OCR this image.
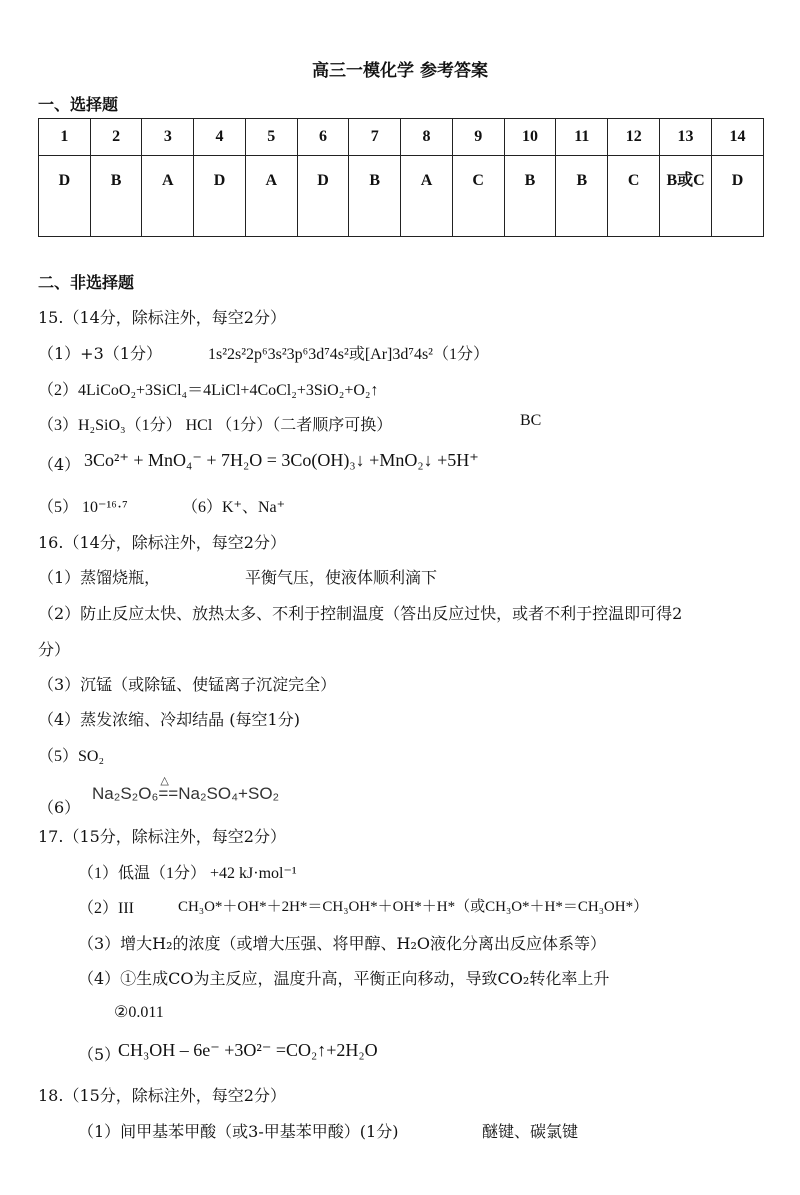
高三一模化学 参考答案
一、选择题
1	2	3	4	5	6	7	8	9	10	11	12	13	14
D	B	A	D	A	D	B	A	C	B	B	C	B或C	D
二、非选择题
15.（14分，除标注外，每空2分）
（1）+3（1分）	1s²2s²2p⁶3s²3p⁶3d⁷4s²或[Ar]3d⁷4s²（1分）
（2）4LiCoO₂+3SiCl₄＝4LiCl+4CoCl₂+3SiO₂+O₂↑
（3）H₂SiO₃（1分） HCl （1分）（二者顺序可换）	BC
（4） 3Co²⁺ + MnO₄⁻ + 7H₂O = 3Co(OH)₃↓ +MnO₂↓ +5H⁺
（5） 10⁻¹⁶·⁷	（6）K⁺、Na⁺
16.（14分，除标注外，每空2分）
（1）蒸馏烧瓶，	平衡气压，使液体顺利滴下
（2）防止反应太快、放热太多、不利于控制温度（答出反应过快，或者不利于控温即可得2
分）
（3）沉锰（或除锰、使锰离子沉淀完全）
（4）蒸发浓缩、冷却结晶 (每空1分)
（5）SO₂
（6）
Na₂S₂O₆
△
==Na₂SO₄+SO₂
17.（15分，除标注外，每空2分）
（1）低温（1分） +42 kJ·mol⁻¹
（2）III	CH₃O*＋OH*＋2H*＝CH₃OH*＋OH*＋H*（或CH₃O*＋H*＝CH₃OH*）
（3）增大H₂的浓度（或增大压强、将甲醇、H₂O液化分离出反应体系等）
（4）①生成CO为主反应，温度升高，平衡正向移动，导致CO₂转化率上升
②0.011
（5）
CH₃OH – 6e⁻ +3O²⁻ =CO₂↑+2H₂O
18.（15分，除标注外，每空2分）
（1）间甲基苯甲酸（或3-甲基苯甲酸）(1分)	醚键、碳氯键
